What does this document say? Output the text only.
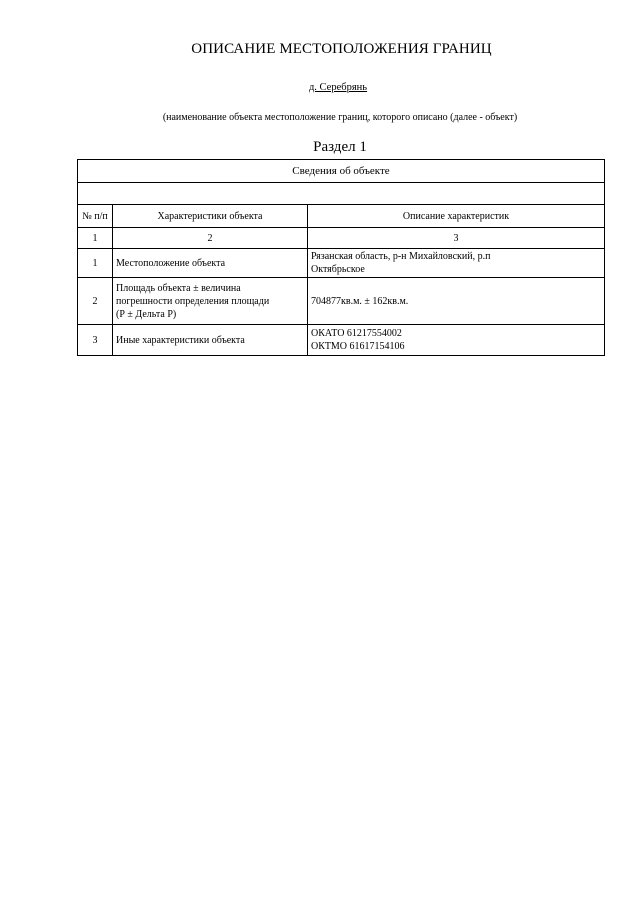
ОПИСАНИЕ МЕСТОПОЛОЖЕНИЯ ГРАНИЦ
д. Серебрянь
(наименование объекта местоположение границ, которого описано (далее - объект)
Раздел 1
Сведения об объекте		

№ п/п	Характеристики объекта	Описание характеристик
1	2	3
1	Местоположение объекта	Рязанская область, р-н Михайловский, р.п
Октябрьское

2	Площадь объекта ± величина
погрешности определения площади
(Р ± Дельта Р)	704877кв.м. ± 162кв.м.
3	Иные характеристики объекта	ОКАТО 61217554002
ОКТМО 61617154106
